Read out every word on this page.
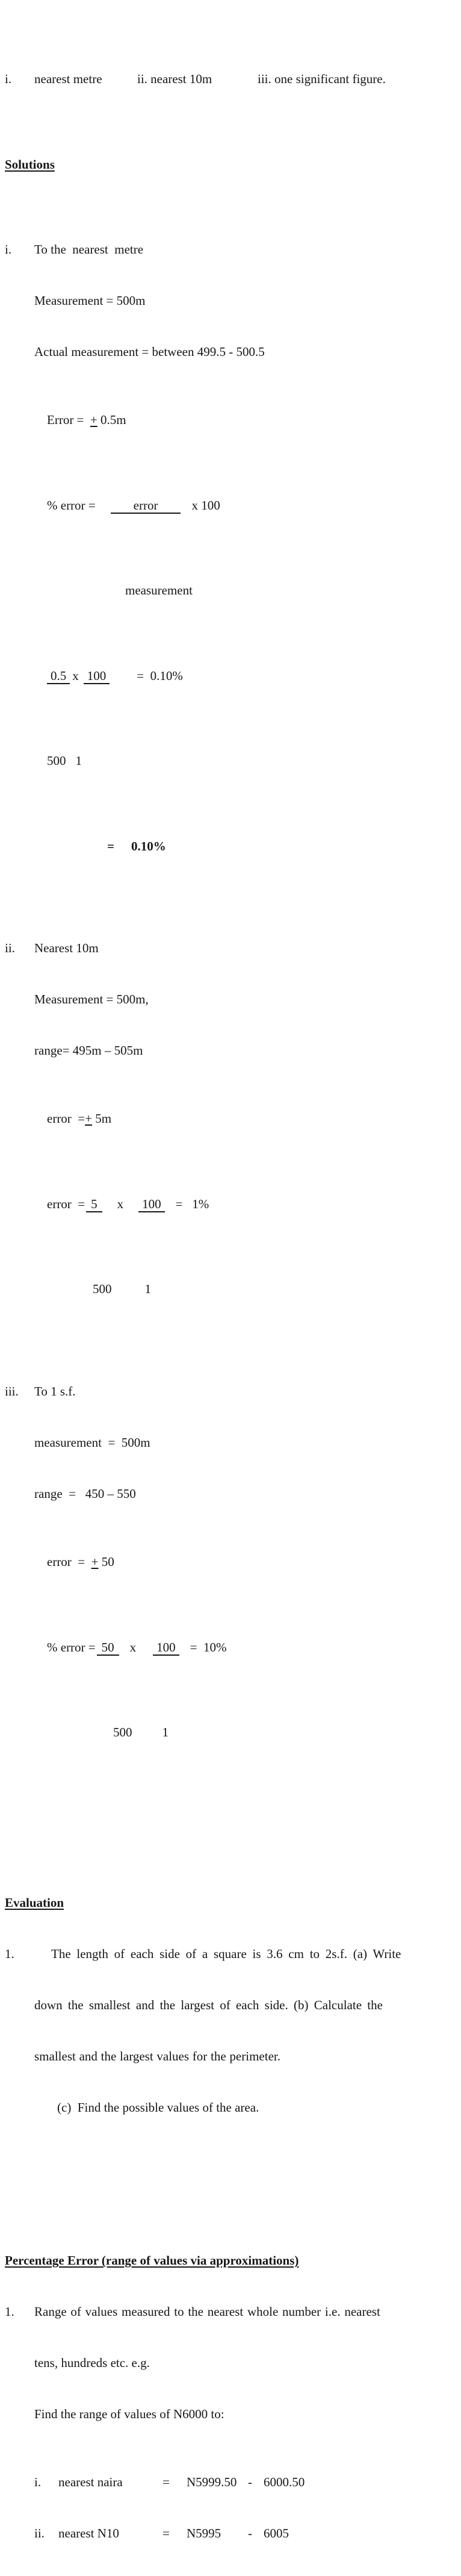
i.	nearest metre	ii. nearest 10m	iii. one significant figure.

Solutions

i.	To the  nearest  metre

Measurement = 500m

Actual measurement = between 499.5 - 500.5

Error =  + 0.5m

% error =	error	x 100

measurement

0.5 x 100 =  0.10%

500 1

= 0.10%

ii.	Nearest 10m

Measurement = 500m,

range= 495m – 505m

error  =+ 5m

error  = 5 x 100 =   1%

500	1

iii.	To 1 s.f.

measurement  =  500m

range  =   450 – 550

error  =  + 50

% error = 50 x 100 =  10%

500 1

Evaluation

1.	The length of each side of a square is 3.6 cm to 2s.f. (a) Write

down the smallest and the largest of each side. (b) Calculate the

smallest and the largest values for the perimeter.

(c)  Find the possible values of the area.

Percentage Error (range of values via approximations)

1.	Range of values measured to the nearest whole number i.e. nearest

tens, hundreds etc. e.g.

Find the range of values of N6000 to:

i.	nearest naira	=	N5999.50 - 6000.50

ii.	nearest N10	=	N5995	- 6005
